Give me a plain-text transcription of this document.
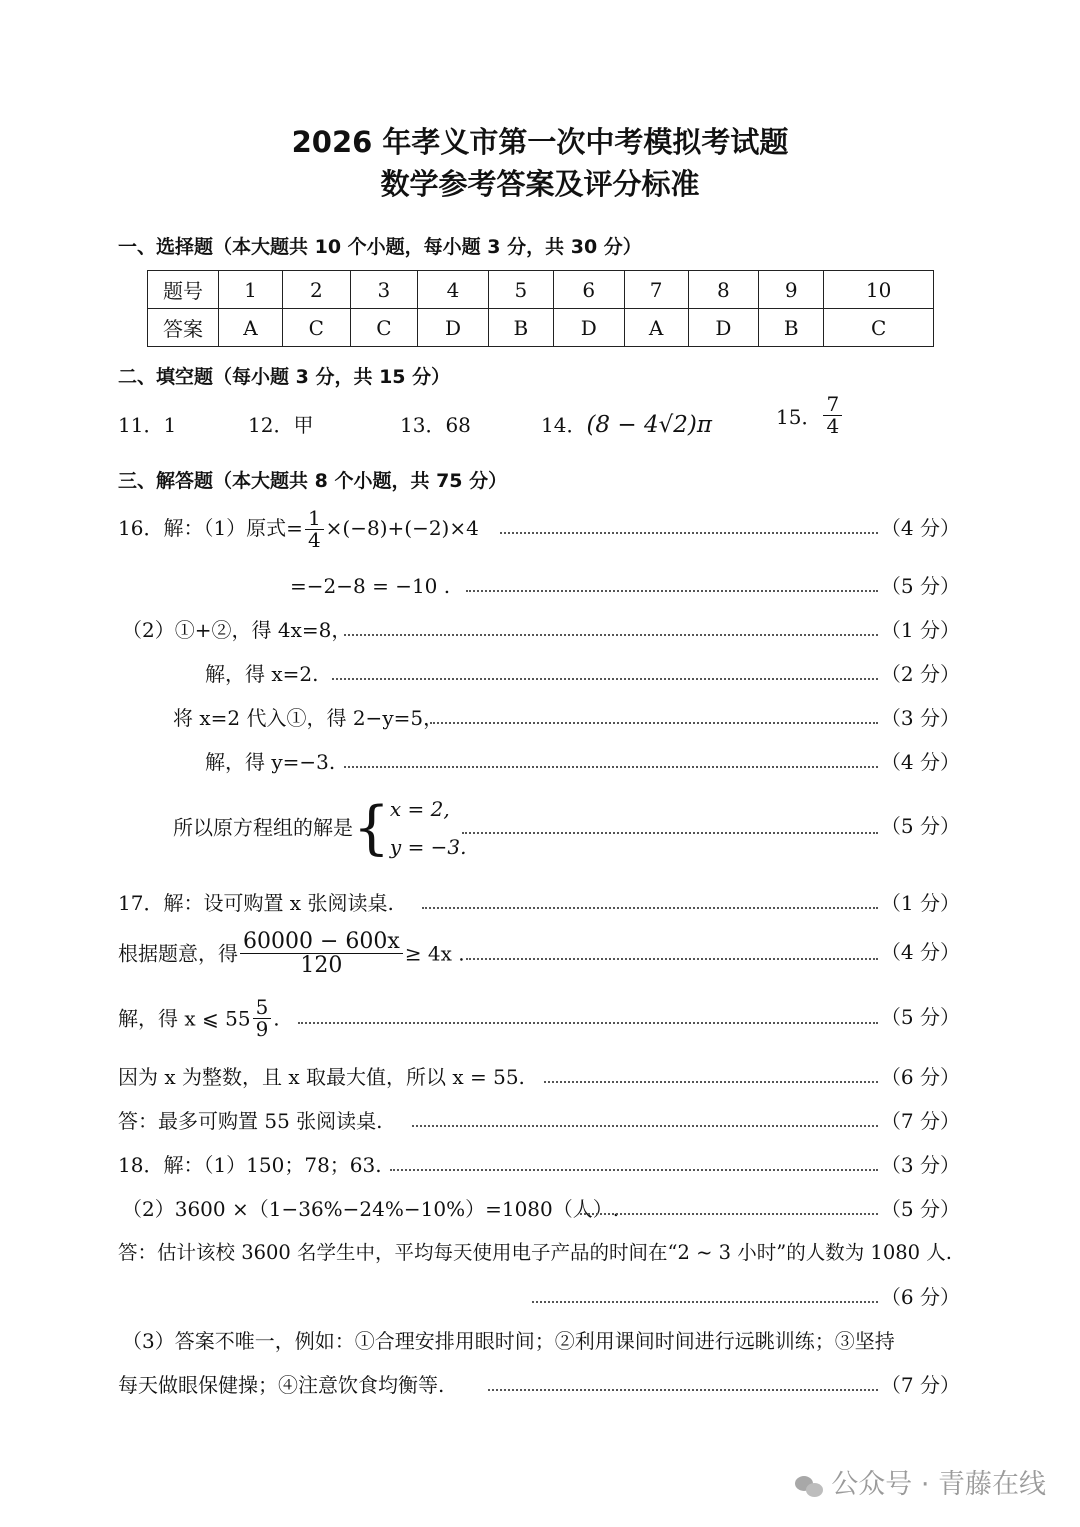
2026 年孝义市第一次中考模拟考试题
数学参考答案及评分标准
一、选择题（本大题共 10 个小题，每小题 3 分，共 30 分）
题号	1	2	3	4	5	6	7	8	9	10
答案	A	C	C	D	B	D	A	D	B	C
二、填空题（每小题 3 分，共 15 分）
11．1	12．甲	13．68	14．(8 − 4√2)π	15． $\frac{7}{4}$
三、解答题（本大题共 8 个小题，共 75 分）
16．解：（1）原式= $\frac{1}{4} \times(-8)+(-2)\times 4$	（4 分）
=−2−8 = −10 .	（5 分）
（2）①+②，得 4x=8，	（1 分）
解，得 x=2.	（2 分）
将 x=2 代入①，得 2−y=5，	（3 分）
解，得 y=−3.	（4 分）
所以原方程组的解是{ x = 2,
y = −3.
（5 分）
17．解：设可购置 x 张阅读桌.	（1 分）
根据题意，得 $\frac{60000 - 600x}{120} \ge 4x$ .	（4 分）
解，得 x ⩽ $55 \frac{5}{9}$ .	（5 分）
因为 x 为整数，且 x 取最大值，所以 x = 55.	（6 分）
答：最多可购置 55 张阅读桌.	（7 分）
18．解：（1）150；78；63.	（3 分）
（2）3600 ×（1−36%−24%−10%）=1080（人）.	（5 分）
答：估计该校 3600 名学生中，平均每天使用电子产品的时间在“2 ~ 3 小时”的人数为 1080 人.
（6 分）
（3）答案不唯一，例如：①合理安排用眼时间；②利用课间时间进行远眺训练；③坚持
每天做眼保健操；④注意饮食均衡等.	（7 分）
公众号 · 青藤在线
